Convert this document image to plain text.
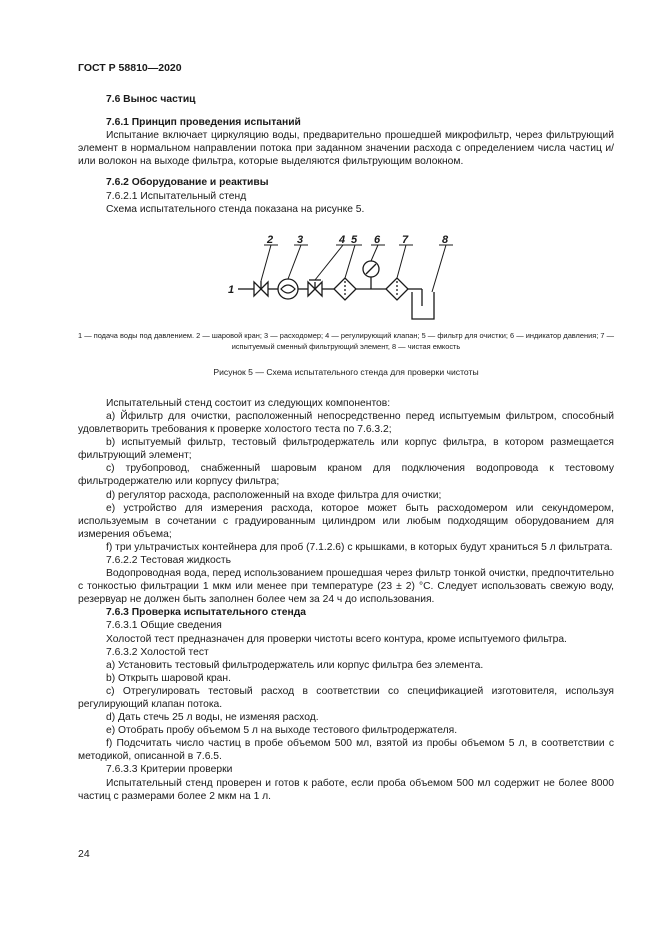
ГОСТ Р 58810—2020

7.6 Вынос частиц

7.6.1 Принцип проведения испытаний

Испытание включает циркуляцию воды, предварительно прошедшей микрофильтр, через фильтрующий элемент в нормальном направлении потока при заданном значении расхода с определением числа частиц и/или волокон на выходе фильтра, которые выделяются фильтрующим волокном.

7.6.2 Оборудование и реактивы

7.6.2.1 Испытательный стенд

Схема испытательного стенда показана на рисунке 5.

1
2 3	4 5 6 7	8
1 — подача воды под давлением. 2 — шаровой кран; 3 — расходомер; 4 — регулирующий клапан; 5 — фильтр для очистки; 6 — индикатор давления; 7 — испытуемый сменный фильтрующий элемент, 8 — чистая емкость
Рисунок 5 — Схема испытательного стенда для проверки чистоты

Испытательный стенд состоит из следующих компонентов:

a) Йфильтр для очистки, расположенный непосредственно перед испытуемым фильтром, способный удовлетворить требования к проверке холостого теста по 7.6.3.2;

b) испытуемый фильтр, тестовый фильтродержатель или корпус фильтра, в котором размещается фильтрующий элемент;

c) трубопровод, снабженный шаровым краном для подключения водопровода к тестовому фильтродержателю или корпусу фильтра;

d) регулятор расхода, расположенный на входе фильтра для очистки;

e) устройство для измерения расхода, которое может быть расходомером или секундомером, используемым в сочетании с градуированным цилиндром или любым подходящим оборудованием для измерения объема;

f) три ультрачистых контейнера для проб (7.1.2.6) с крышками, в которых будут храниться 5 л фильтрата.

7.6.2.2 Тестовая жидкость

Водопроводная вода, перед использованием прошедшая через фильтр тонкой очистки, предпочтительно с тонкостью фильтрации 1 мкм или менее при температуре (23 ± 2) °С. Следует использовать свежую воду, резервуар не должен быть заполнен более чем за 24 ч до использования.

7.6.3 Проверка испытательного стенда

7.6.3.1 Общие сведения

Холостой тест предназначен для проверки чистоты всего контура, кроме испытуемого фильтра.

7.6.3.2 Холостой тест

a) Установить тестовый фильтродержатель или корпус фильтра без элемента.

b) Открыть шаровой кран.

c) Отрегулировать тестовый расход в соответствии со спецификацией изготовителя, используя регулирующий клапан потока.

d) Дать стечь 25 л воды, не изменяя расход.

e) Отобрать пробу объемом 5 л на выходе тестового фильтродержателя.

f) Подсчитать число частиц в пробе объемом 500 мл, взятой из пробы объемом 5 л, в соответствии с методикой, описанной в 7.6.5.

7.6.3.3 Критерии проверки

Испытательный стенд проверен и готов к работе, если проба объемом 500 мл содержит не более 8000 частиц с размерами более 2 мкм на 1 л.

24
